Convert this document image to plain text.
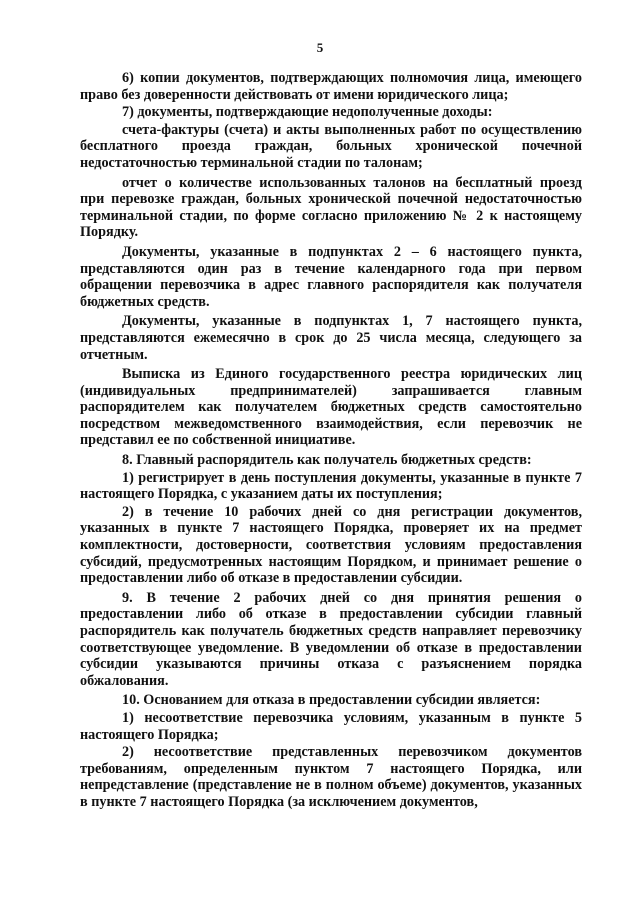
5

6) копии документов, подтверждающих полномочия лица, имеющего право без доверенности действовать от имени юридического лица;

7) документы, подтверждающие недополученные доходы:

счета-фактуры (счета) и акты выполненных работ по осуществлению бесплатного проезда граждан, больных хронической почечной недостаточностью терминальной стадии по талонам;

отчет о количестве использованных талонов на бесплатный проезд при перевозке граждан, больных хронической почечной недостаточностью терминальной стадии, по форме согласно приложению № 2 к настоящему Порядку.

Документы, указанные в подпунктах 2 – 6 настоящего пункта, представляются один раз в течение календарного года при первом обращении перевозчика в адрес главного распорядителя как получателя бюджетных средств.

Документы, указанные в подпунктах 1, 7 настоящего пункта, представляются ежемесячно в срок до 25 числа месяца, следующего за отчетным.

Выписка из Единого государственного реестра юридических лиц (индивидуальных предпринимателей) запрашивается главным распорядителем как получателем бюджетных средств самостоятельно посредством межведомственного взаимодействия, если перевозчик не представил ее по собственной инициативе.

8. Главный распорядитель как получатель бюджетных средств:

1) регистрирует в день поступления документы, указанные в пункте 7 настоящего Порядка, с указанием даты их поступления;

2) в течение 10 рабочих дней со дня регистрации документов, указанных в пункте 7 настоящего Порядка, проверяет их на предмет комплектности, достоверности, соответствия условиям предоставления субсидий, предусмотренных настоящим Порядком, и принимает решение о предоставлении либо об отказе в предоставлении субсидии.

9. В течение 2 рабочих дней со дня принятия решения о предоставлении либо об отказе в предоставлении субсидии главный распорядитель как получатель бюджетных средств направляет перевозчику соответствующее уведомление. В уведомлении об отказе в предоставлении субсидии указываются причины отказа с разъяснением порядка обжалования.

10. Основанием для отказа в предоставлении субсидии является:

1) несоответствие перевозчика условиям, указанным в пункте 5 настоящего Порядка;

2) несоответствие представленных перевозчиком документов требованиям, определенным пунктом 7 настоящего Порядка, или непредставление (представление не в полном объеме) документов, указанных в пункте 7 настоящего Порядка (за исключением документов,
